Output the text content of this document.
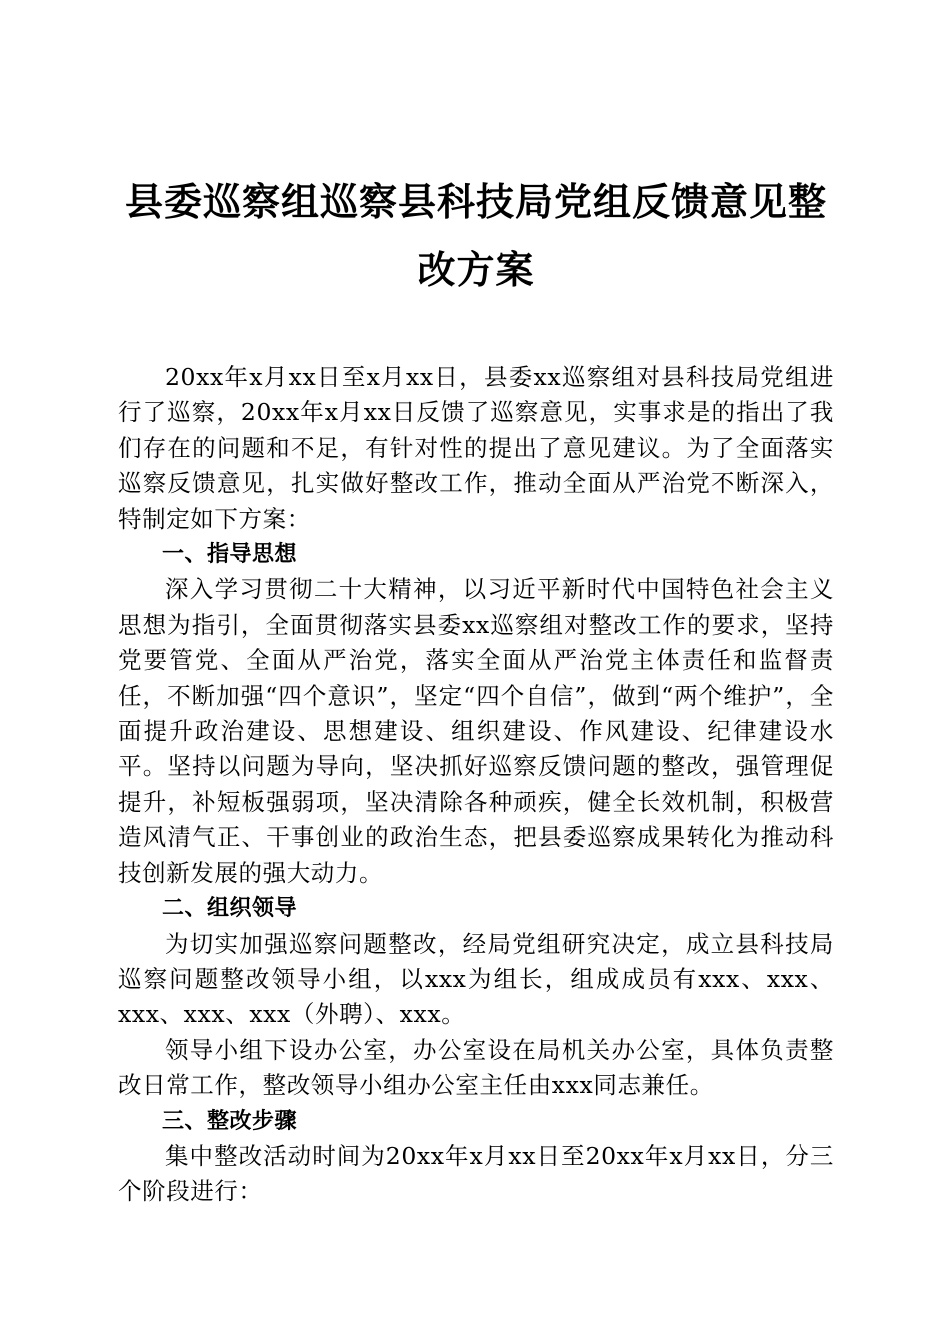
县委巡察组巡察县科技局党组反馈意见整改方案

20xx年x月xx日至x月xx日，县委xx巡察组对县科技局党组进行了巡察，20xx年x月xx日反馈了巡察意见，实事求是的指出了我们存在的问题和不足，有针对性的提出了意见建议。为了全面落实巡察反馈意见，扎实做好整改工作，推动全面从严治党不断深入，特制定如下方案：

一、指导思想

深入学习贯彻二十大精神，以习近平新时代中国特色社会主义思想为指引，全面贯彻落实县委xx巡察组对整改工作的要求，坚持党要管党、全面从严治党，落实全面从严治党主体责任和监督责任，不断加强“四个意识”，坚定“四个自信”，做到“两个维护”，全面提升政治建设、思想建设、组织建设、作风建设、纪律建设水平。坚持以问题为导向，坚决抓好巡察反馈问题的整改，强管理促提升，补短板强弱项，坚决清除各种顽疾，健全长效机制，积极营造风清气正、干事创业的政治生态，把县委巡察成果转化为推动科技创新发展的强大动力。

二、组织领导

为切实加强巡察问题整改，经局党组研究决定，成立县科技局巡察问题整改领导小组，以xxx为组长，组成成员有xxx、xxx、xxx、xxx、xxx（外聘）、xxx。

领导小组下设办公室，办公室设在局机关办公室，具体负责整改日常工作，整改领导小组办公室主任由xxx同志兼任。

三、整改步骤

集中整改活动时间为20xx年x月xx日至20xx年x月xx日，分三个阶段进行：
